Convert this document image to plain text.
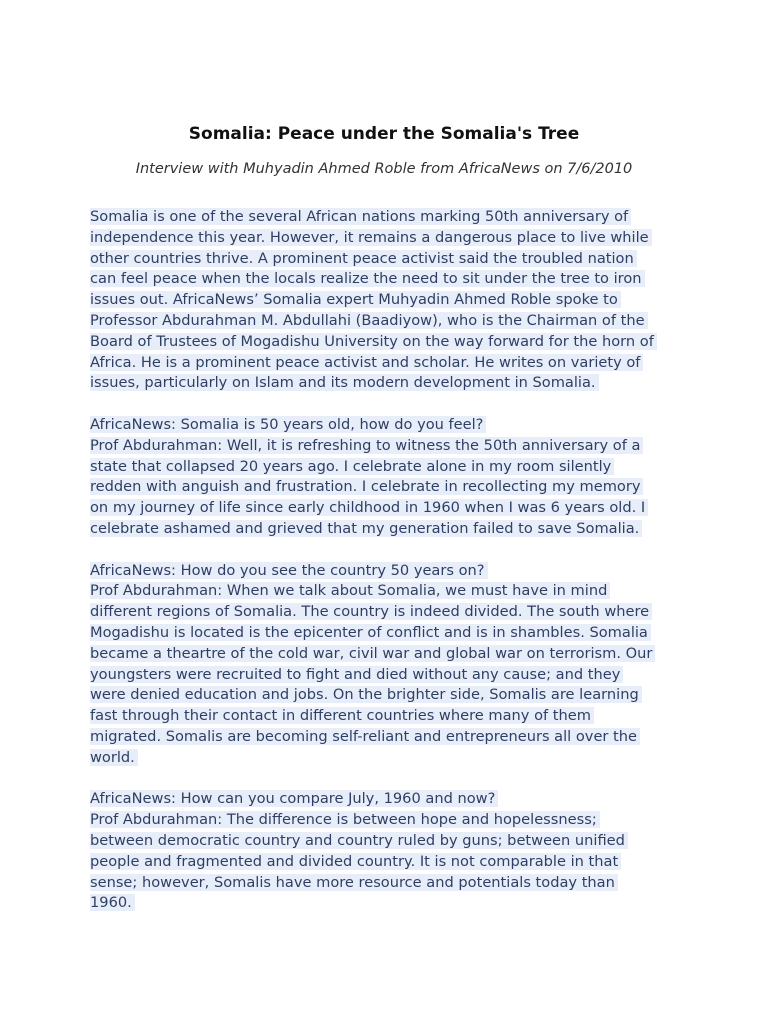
Somalia: Peace under the Somalia's Tree

Interview with Muhyadin Ahmed Roble from AfricaNews on 7/6/2010

Somalia is one of the several African nations marking 50th anniversary of
independence this year. However, it remains a dangerous place to live while
other countries thrive. A prominent peace activist said the troubled nation
can feel peace when the locals realize the need to sit under the tree to iron
issues out. AfricaNews’ Somalia expert Muhyadin Ahmed Roble spoke to
Professor Abdurahman M. Abdullahi (Baadiyow), who is the Chairman of the
Board of Trustees of Mogadishu University on the way forward for the horn of
Africa. He is a prominent peace activist and scholar. He writes on variety of
issues, particularly on Islam and its modern development in Somalia.
AfricaNews: Somalia is 50 years old, how do you feel?
Prof Abdurahman: Well, it is refreshing to witness the 50th anniversary of a
state that collapsed 20 years ago. I celebrate alone in my room silently
redden with anguish and frustration. I celebrate in recollecting my memory
on my journey of life since early childhood in 1960 when I was 6 years old. I
celebrate ashamed and grieved that my generation failed to save Somalia.
AfricaNews: How do you see the country 50 years on?
Prof Abdurahman: When we talk about Somalia, we must have in mind
different regions of Somalia. The country is indeed divided. The south where
Mogadishu is located is the epicenter of conflict and is in shambles. Somalia
became a theartre of the cold war, civil war and global war on terrorism. Our
youngsters were recruited to fight and died without any cause; and they
were denied education and jobs. On the brighter side, Somalis are learning
fast through their contact in different countries where many of them
migrated. Somalis are becoming self-reliant and entrepreneurs all over the
world.
AfricaNews: How can you compare July, 1960 and now?
Prof Abdurahman: The difference is between hope and hopelessness;
between democratic country and country ruled by guns; between unified
people and fragmented and divided country. It is not comparable in that
sense; however, Somalis have more resource and potentials today than
1960.
